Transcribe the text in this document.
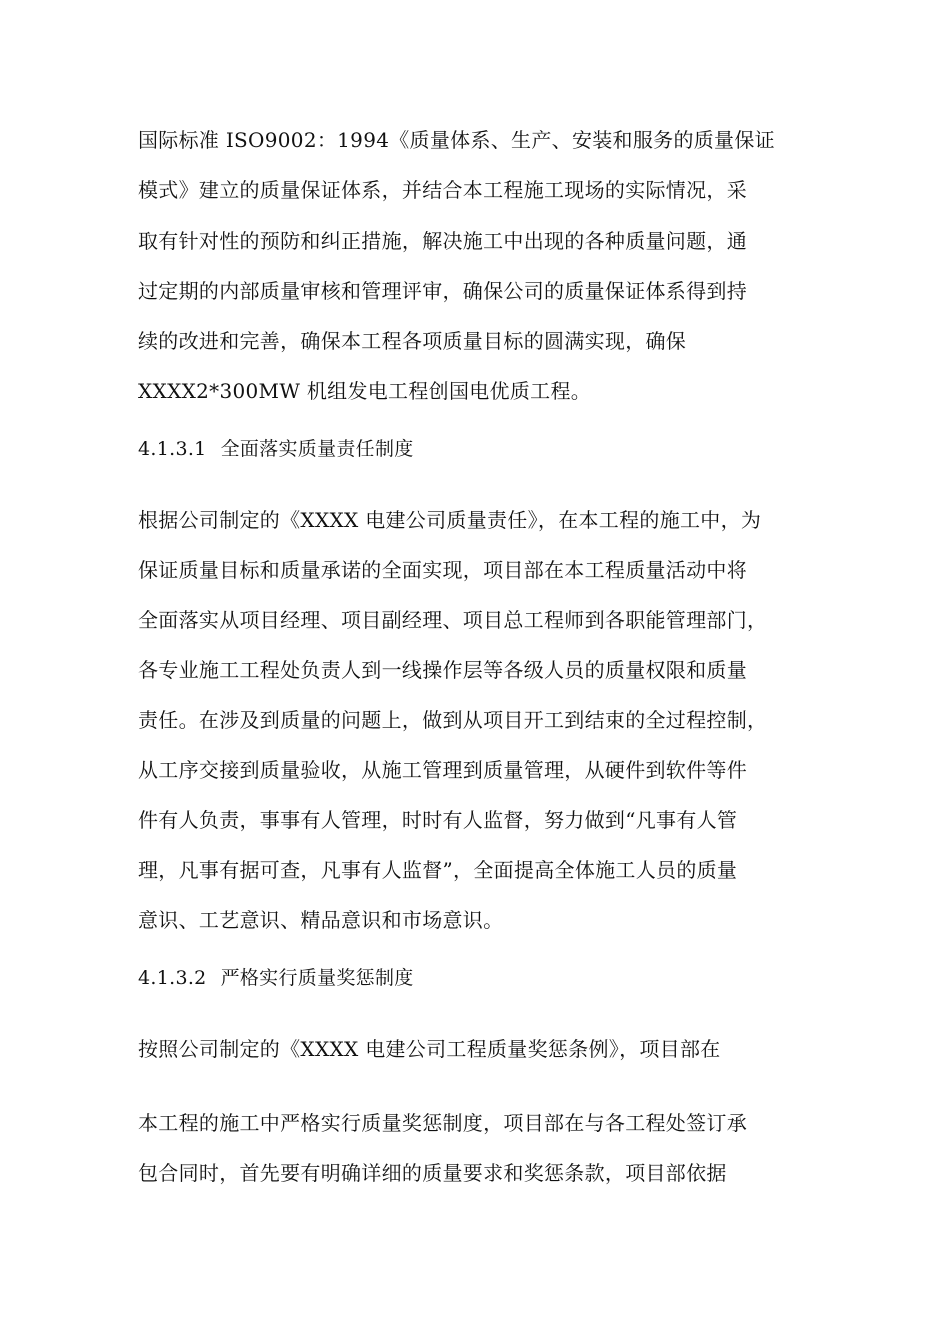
国际标准 ISO9002：1994《质量体系、生产、安装和服务的质量保证
模式》建立的质量保证体系，并结合本工程施工现场的实际情况，采
取有针对性的预防和纠正措施，解决施工中出现的各种质量问题，通
过定期的内部质量审核和管理评审，确保公司的质量保证体系得到持
续的改进和完善，确保本工程各项质量目标的圆满实现，确保
XXXX2*300MW 机组发电工程创国电优质工程。
4.1.3.1 全面落实质量责任制度
根据公司制定的《XXXX 电建公司质量责任》，在本工程的施工中，为
保证质量目标和质量承诺的全面实现，项目部在本工程质量活动中将
全面落实从项目经理、项目副经理、项目总工程师到各职能管理部门，
各专业施工工程处负责人到一线操作层等各级人员的质量权限和质量
责任。在涉及到质量的问题上，做到从项目开工到结束的全过程控制，
从工序交接到质量验收，从施工管理到质量管理，从硬件到软件等件
件有人负责，事事有人管理，时时有人监督，努力做到“凡事有人管
理，凡事有据可查，凡事有人监督”，全面提高全体施工人员的质量
意识、工艺意识、精品意识和市场意识。
4.1.3.2 严格实行质量奖惩制度
按照公司制定的《XXXX 电建公司工程质量奖惩条例》，项目部在
本工程的施工中严格实行质量奖惩制度，项目部在与各工程处签订承
包合同时，首先要有明确详细的质量要求和奖惩条款，项目部依据
